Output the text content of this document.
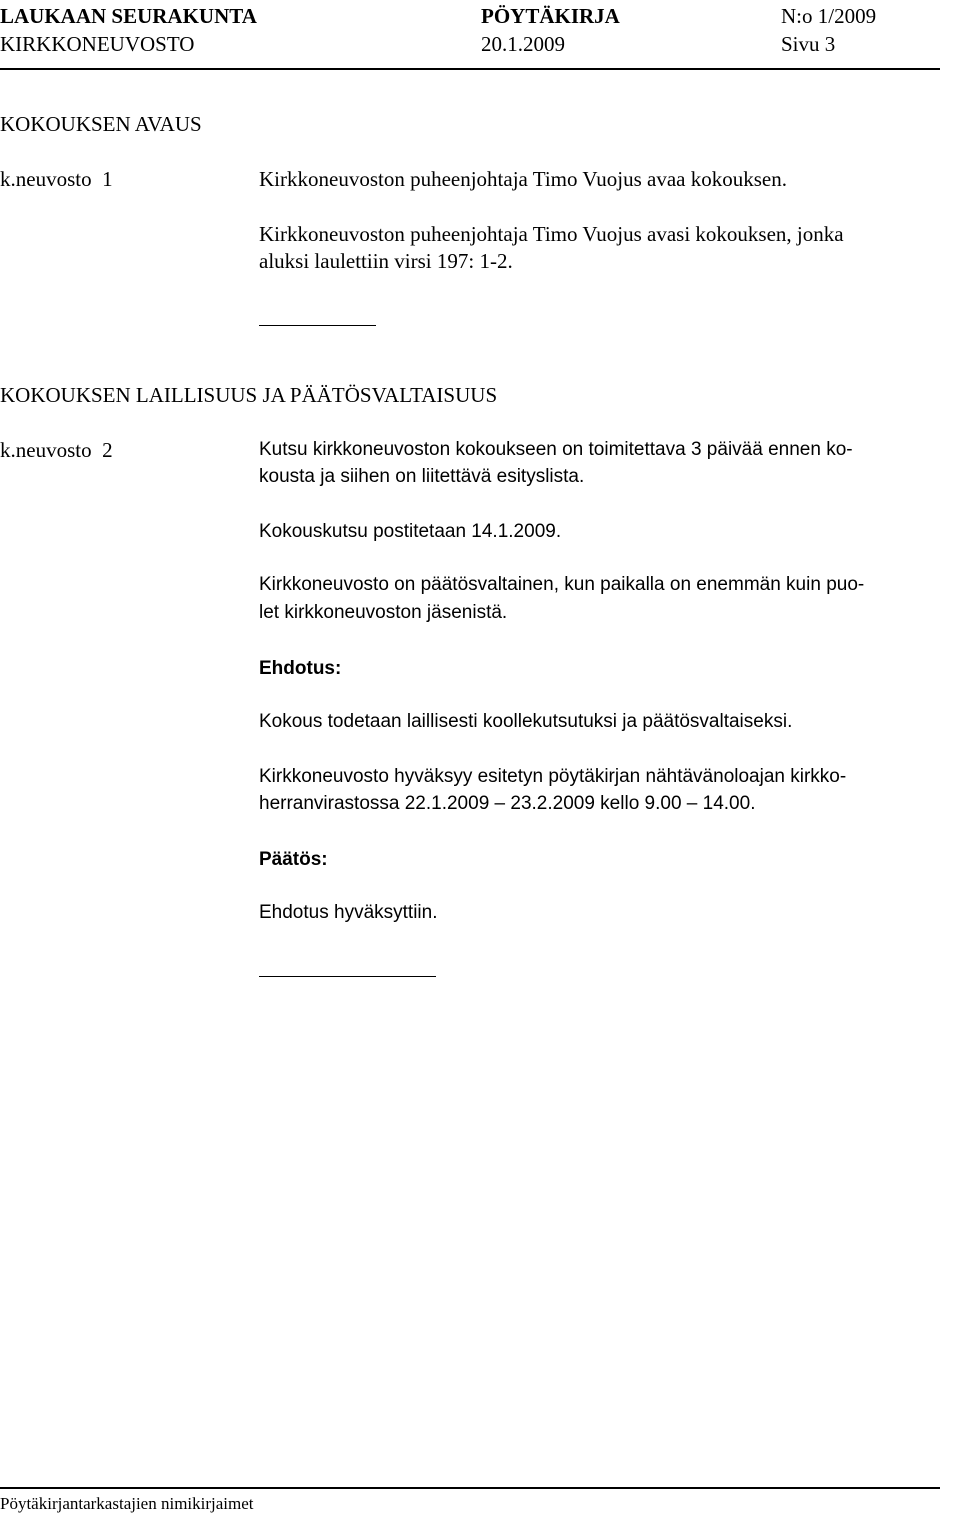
LAUKAAN SEURAKUNTA	PÖYTÄKIRJA	N:o 1/2009
KIRKKONEUVOSTO	20.1.2009	Sivu 3
KOKOUKSEN AVAUS
k.neuvosto  1	Kirkkoneuvoston puheenjohtaja Timo Vuojus avaa kokouksen.
Kirkkoneuvoston puheenjohtaja Timo Vuojus avasi kokouksen, jonka
aluksi laulettiin virsi 197: 1-2.
KOKOUKSEN LAILLISUUS JA PÄÄTÖSVALTAISUUS
k.neuvosto  2	Kutsu kirkkoneuvoston kokoukseen on toimitettava 3 päivää ennen ko-
kousta ja siihen on liitettävä esityslista.
Kokouskutsu postitetaan 14.1.2009.
Kirkkoneuvosto on päätösvaltainen, kun paikalla on enemmän kuin puo-
let kirkkoneuvoston jäsenistä.
Ehdotus:
Kokous todetaan laillisesti koollekutsutuksi ja päätösvaltaiseksi.
Kirkkoneuvosto hyväksyy esitetyn pöytäkirjan nähtävänoloajan kirkko-
herranvirastossa 22.1.2009 – 23.2.2009 kello 9.00 – 14.00.
Päätös:
Ehdotus hyväksyttiin.
Pöytäkirjantarkastajien nimikirjaimet
